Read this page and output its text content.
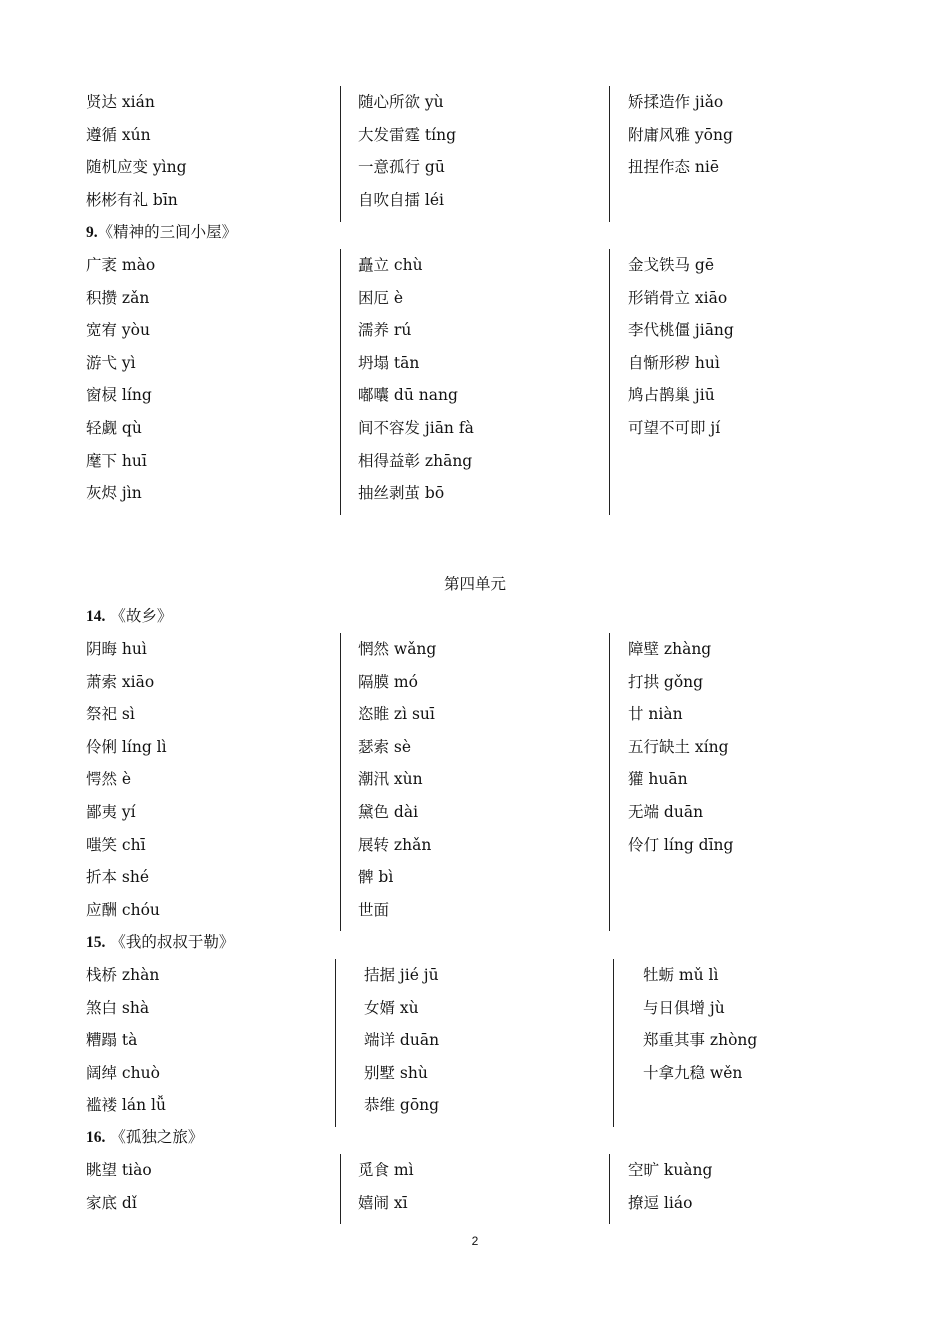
贤达 xián
遵循 xún
随机应变 yìng
彬彬有礼 bīn
随心所欲 yù
大发雷霆 tíng
一意孤行 gū
自吹自擂 léi
矫揉造作 jiǎo
附庸风雅 yōng
扭捏作态 niē
9.《精神的三间小屋》
广袤 mào
积攒 zǎn
宽宥 yòu
游弋 yì
窗棂 líng
轻觑 qù
麾下 huī
灰烬 jìn
矗立 chù
困厄 è
濡养 rú
坍塌 tān
嘟囔 dū nang
间不容发 jiān fà
相得益彰 zhāng
抽丝剥茧 bō
金戈铁马 gē
形销骨立 xiāo
李代桃僵 jiāng
自惭形秽 huì
鸠占鹊巢 jiū
可望不可即 jí
第四单元
14. 《故乡》
阴晦 huì
萧索 xiāo
祭祀 sì
伶俐 líng lì
愕然 è
鄙夷 yí
嗤笑 chī
折本 shé
应酬 chóu
惘然 wǎng
隔膜 mó
恣睢 zì suī
瑟索 sè
潮汛 xùn
黛色 dài
展转 zhǎn
髀 bì
世面
障壁 zhàng
打拱 gǒng
廿 niàn
五行缺土 xíng
獾 huān
无端 duān
伶仃 líng dīng
15. 《我的叔叔于勒》
栈桥 zhàn
煞白 shà
糟蹋 tà
阔绰 chuò
褴褛 lán lǚ
拮据 jié jū
女婿 xù
端详 duān
别墅 shù
恭维 gōng
牡蛎 mǔ lì
与日俱增 jù
郑重其事 zhòng
十拿九稳 wěn
16. 《孤独之旅》
眺望 tiào
家底 dǐ
觅食 mì
嬉闹 xī
空旷 kuàng
撩逗 liáo
2
